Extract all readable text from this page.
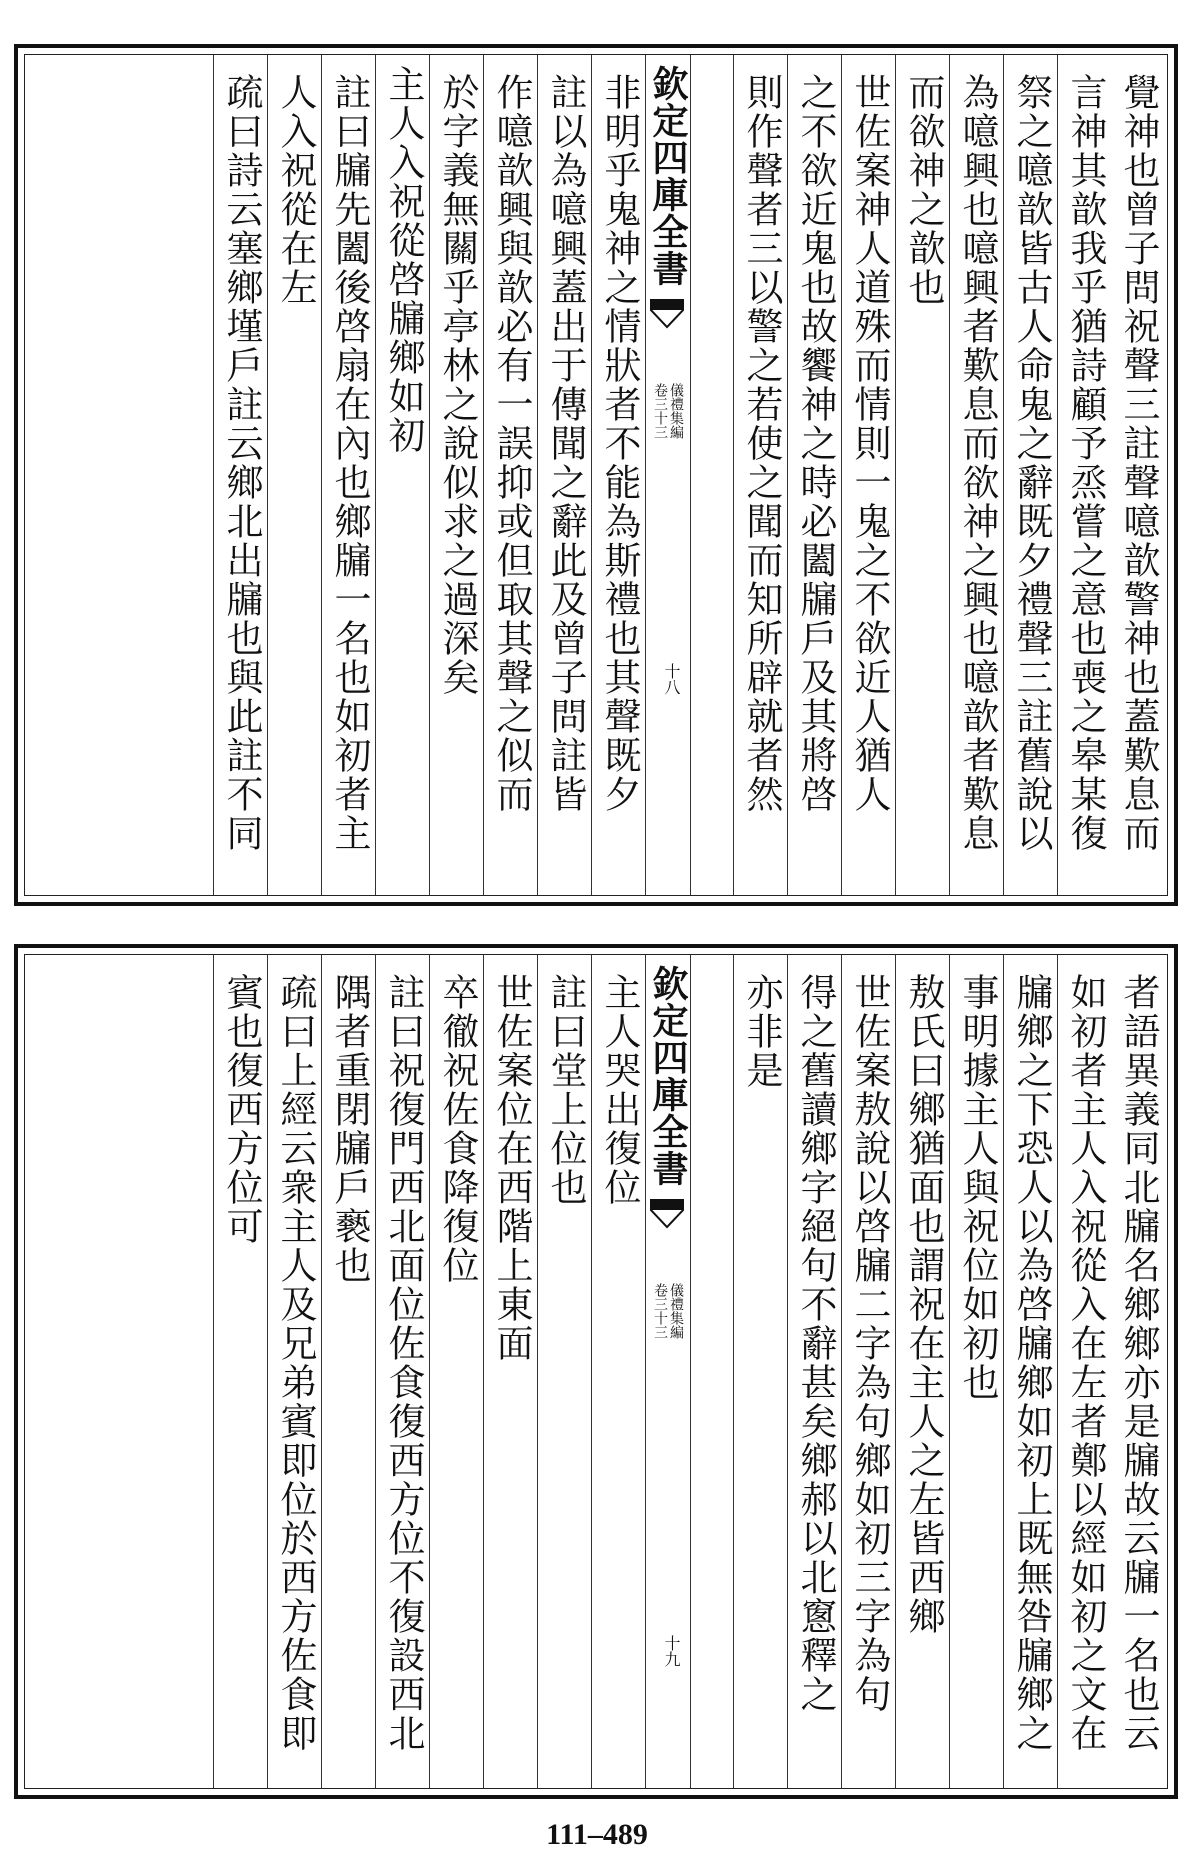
覺神也曾子問祝聲三註聲噫歆警神也蓋歎息而
言神其歆我乎猶詩顧予烝嘗之意也喪之皋某復
祭之噫歆皆古人命鬼之辭既夕禮聲三註舊說以
為噫興也噫興者歎息而欲神之興也噫歆者歎息
而欲神之歆也
世佐案神人道殊而情則一鬼之不欲近人猶人
之不欲近鬼也故饗神之時必闔牖戶及其將啓
則作聲者三以警之若使之聞而知所辟就者然
欽定四庫全書
儀禮集編
卷三十三
十八
非明乎鬼神之情狀者不能為斯禮也其聲既夕
註以為噫興蓋出于傳聞之辭此及曾子問註皆
作噫歆興與歆必有一誤抑或但取其聲之似而
於字義無關乎亭林之說似求之過深矣
主人入祝從啓牖鄉如初
註曰牖先闔後啓扇在內也鄉牖一名也如初者主
人入祝從在左
疏曰詩云塞鄉墐戶註云鄉北出牖也與此註不同
者語異義同北牖名鄉鄉亦是牖故云牖一名也云
如初者主人入祝從入在左者鄭以經如初之文在
牖鄉之下恐人以為啓牖鄉如初上既無咎牖鄉之
事明據主人與祝位如初也
敖氏曰鄉猶面也謂祝在主人之左皆西鄉
世佐案敖說以啓牖二字為句鄉如初三字為句
得之舊讀鄉字絕句不辭甚矣鄉郝以北窻釋之
亦非是
欽定四庫全書
儀禮集編
卷三十三
十九
主人哭出復位
註曰堂上位也
世佐案位在西階上東面
卒徹祝佐食降復位
註曰祝復門西北面位佐食復西方位不復設西北
隅者重閉牖戶褻也
疏曰上經云衆主人及兄弟賓即位於西方佐食即
賓也復西方位可
111–489
